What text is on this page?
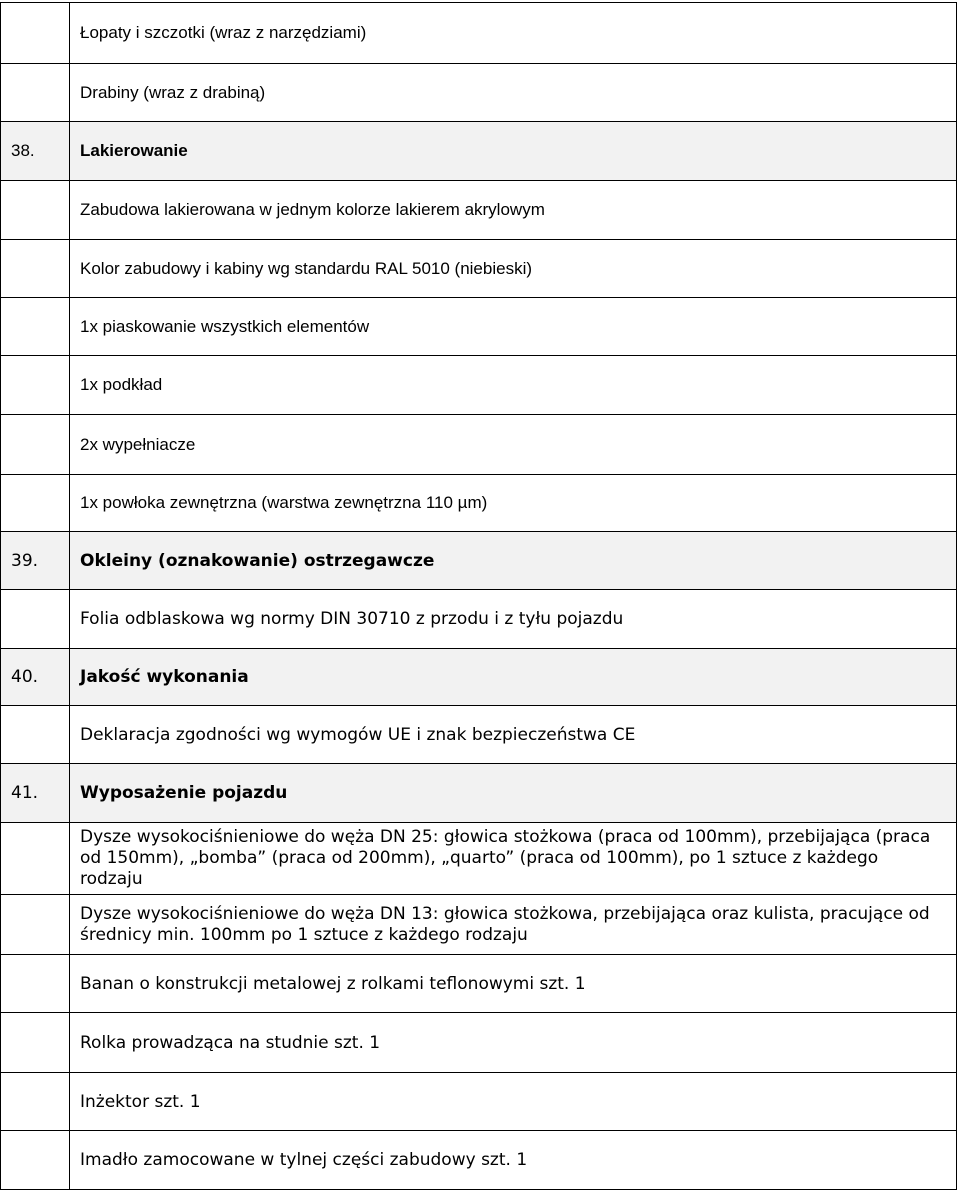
	Łopaty i szczotki (wraz z narzędziami)
	Drabiny (wraz z drabiną)
38.	Lakierowanie
	Zabudowa lakierowana w jednym kolorze lakierem akrylowym
	Kolor zabudowy i kabiny wg standardu RAL 5010 (niebieski)
	1x piaskowanie wszystkich elementów
	1x podkład
	2x wypełniacze
	1x powłoka zewnętrzna (warstwa zewnętrzna 110 µm)
39.	Okleiny (oznakowanie) ostrzegawcze
	Folia odblaskowa wg normy DIN 30710 z przodu i z tyłu pojazdu
40.	Jakość wykonania
	Deklaracja zgodności wg wymogów UE i znak bezpieczeństwa CE
41.	Wyposażenie pojazdu
	Dysze wysokociśnieniowe do węża DN 25: głowica stożkowa (praca od 100mm), przebijająca (praca od 150mm), „bomba” (praca od 200mm), „quarto” (praca od 100mm), po 1 sztuce z każdego rodzaju
	Dysze wysokociśnieniowe do węża DN 13: głowica stożkowa, przebijająca oraz kulista, pracujące od średnicy min. 100mm po 1 sztuce z każdego rodzaju
	Banan o konstrukcji metalowej z rolkami teflonowymi szt. 1
	Rolka prowadząca na studnie szt. 1
	Inżektor szt. 1
	Imadło zamocowane w tylnej części zabudowy szt. 1
